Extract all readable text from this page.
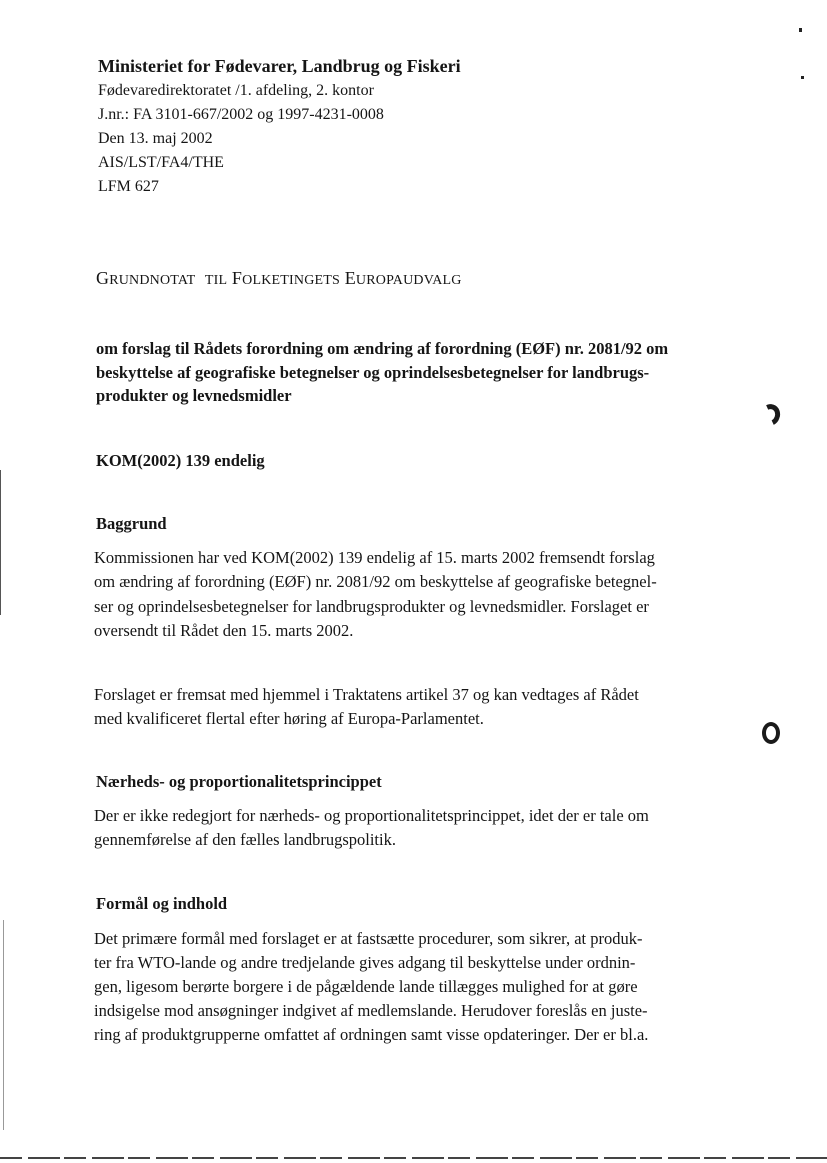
Ministeriet for Fødevarer, Landbrug og Fiskeri
Fødevaredirektoratet /1. afdeling, 2. kontor
J.nr.: FA 3101-667/2002 og 1997-4231-0008
Den 13. maj 2002
AIS/LST/FA4/THE
LFM 627
GRUNDNOTAT TIL FOLKETINGETS EUROPAUDVALG
om forslag til Rådets forordning om ændring af forordning (EØF) nr. 2081/92 om
beskyttelse af geografiske betegnelser og oprindelsesbetegnelser for landbrugs-
produkter og levnedsmidler
KOM(2002) 139 endelig
Baggrund
Kommissionen har ved KOM(2002) 139 endelig af 15. marts 2002 fremsendt forslag
om ændring af forordning (EØF) nr. 2081/92 om beskyttelse af geografiske betegnel-
ser og oprindelsesbetegnelser for landbrugsprodukter og levnedsmidler. Forslaget er
oversendt til Rådet den 15. marts 2002.
Forslaget er fremsat med hjemmel i Traktatens artikel 37 og kan vedtages af Rådet
med kvalificeret flertal efter høring af Europa-Parlamentet.
Nærheds- og proportionalitetsprincippet
Der er ikke redegjort for nærheds- og proportionalitetsprincippet, idet der er tale om
gennemførelse af den fælles landbrugspolitik.
Formål og indhold
Det primære formål med forslaget er at fastsætte procedurer, som sikrer, at produk-
ter fra WTO-lande og andre tredjelande gives adgang til beskyttelse under ordnin-
gen, ligesom berørte borgere i de pågældende lande tillægges mulighed for at gøre
indsigelse mod ansøgninger indgivet af medlemslande. Herudover foreslås en juste-
ring af produktgrupperne omfattet af ordningen samt visse opdateringer. Der er bl.a.
